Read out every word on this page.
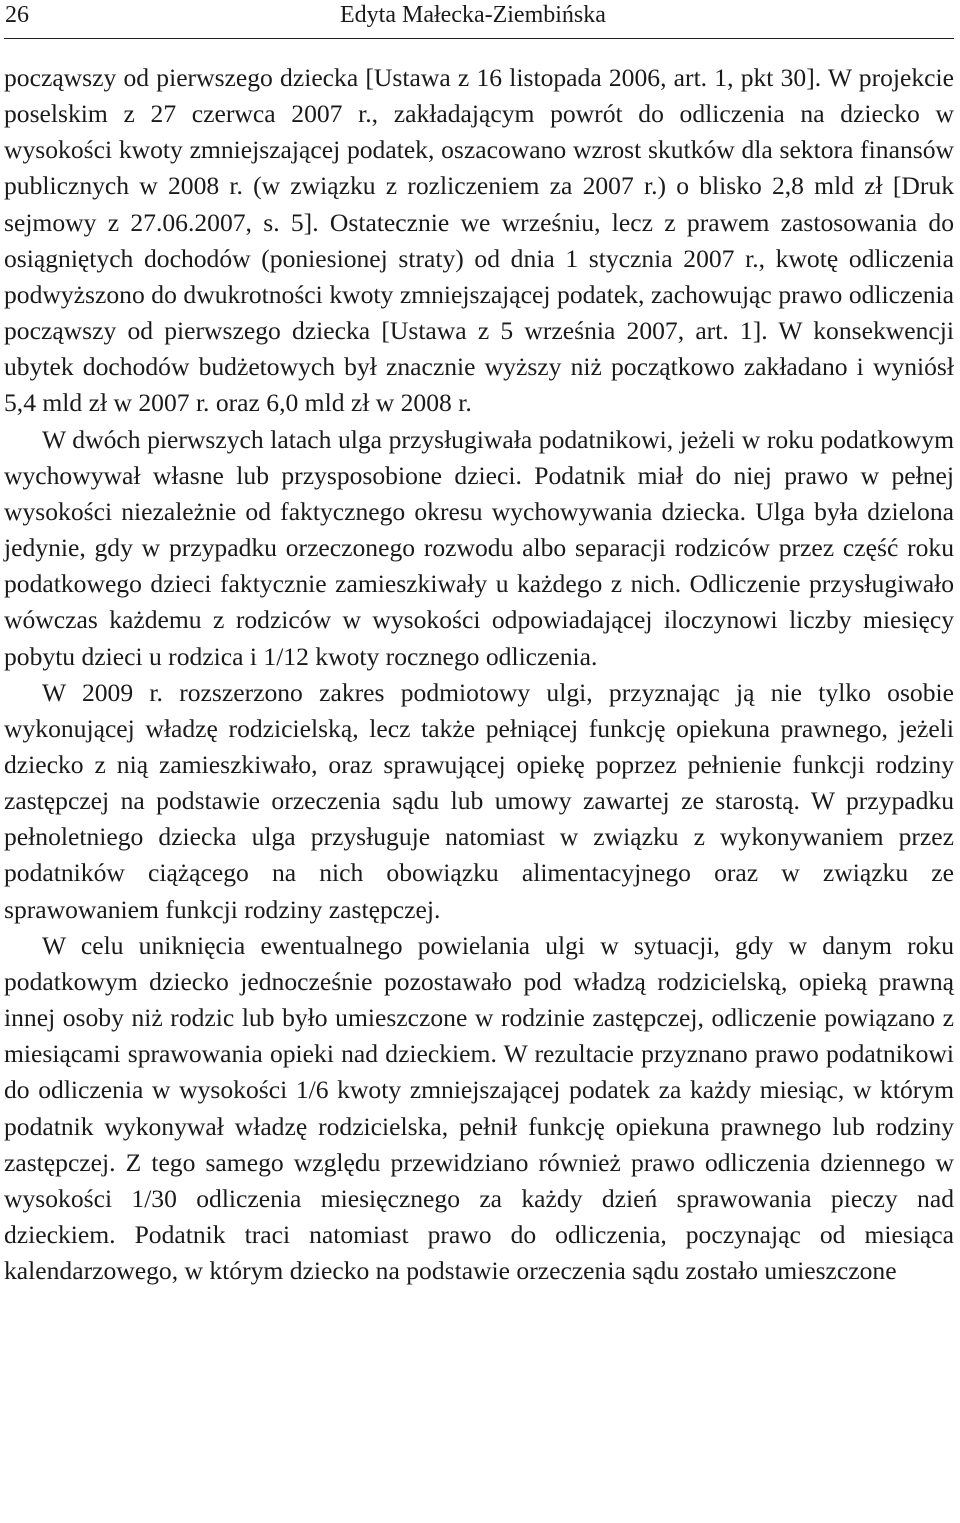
26	Edyta Małecka-Ziembińska

począwszy od pierwszego dziecka [Ustawa z 16 listopada 2006, art. 1, pkt 30]. W projekcie poselskim z 27 czerwca 2007 r., zakładającym powrót do odliczenia na dziecko w wysokości kwoty zmniejszającej podatek, oszacowano wzrost skutków dla sektora finansów publicznych w 2008 r. (w związku z rozliczeniem za 2007 r.) o blisko 2,8 mld zł [Druk sejmowy z 27.06.2007, s. 5]. Ostatecznie we wrześniu, lecz z prawem zastosowania do osiągniętych dochodów (poniesionej straty) od dnia 1 stycznia 2007 r., kwotę odliczenia podwyższono do dwukrotności kwoty zmniejszającej podatek, zachowując prawo odliczenia począwszy od pierwszego dziecka [Ustawa z 5 września 2007, art. 1]. W konsekwencji ubytek dochodów budżetowych był znacznie wyższy niż początkowo zakładano i wyniósł 5,4 mld zł w 2007 r. oraz 6,0 mld zł w 2008 r.

W dwóch pierwszych latach ulga przysługiwała podatnikowi, jeżeli w roku podatkowym wychowywał własne lub przysposobione dzieci. Podatnik miał do niej prawo w pełnej wysokości niezależnie od faktycznego okresu wychowywania dziecka. Ulga była dzielona jedynie, gdy w przypadku orzeczonego rozwodu albo separacji rodziców przez część roku podatkowego dzieci faktycznie zamieszkiwały u każdego z nich. Odliczenie przysługiwało wówczas każdemu z rodziców w wysokości odpowiadającej iloczynowi liczby miesięcy pobytu dzieci u rodzica i 1/12 kwoty rocznego odliczenia.

W 2009 r. rozszerzono zakres podmiotowy ulgi, przyznając ją nie tylko osobie wykonującej władzę rodzicielską, lecz także pełniącej funkcję opiekuna prawnego, jeżeli dziecko z nią zamieszkiwało, oraz sprawującej opiekę poprzez pełnienie funkcji rodziny zastępczej na podstawie orzeczenia sądu lub umowy zawartej ze starostą. W przypadku pełnoletniego dziecka ulga przysługuje natomiast w związku z wykonywaniem przez podatników ciążącego na nich obowiązku alimentacyjnego oraz w związku ze sprawowaniem funkcji rodziny zastępczej.

W celu uniknięcia ewentualnego powielania ulgi w sytuacji, gdy w danym roku podatkowym dziecko jednocześnie pozostawało pod władzą rodzicielską, opieką prawną innej osoby niż rodzic lub było umieszczone w rodzinie zastępczej, odliczenie powiązano z miesiącami sprawowania opieki nad dzieckiem. W rezultacie przyznano prawo podatnikowi do odliczenia w wysokości 1/6 kwoty zmniejszającej podatek za każdy miesiąc, w którym podatnik wykonywał władzę rodzicielska, pełnił funkcję opiekuna prawnego lub rodziny zastępczej. Z tego samego względu przewidziano również prawo odliczenia dziennego w wysokości 1/30 odliczenia miesięcznego za każdy dzień sprawowania pieczy nad dzieckiem. Podatnik traci natomiast prawo do odliczenia, poczynając od miesiąca kalendarzowego, w którym dziecko na podstawie orzeczenia sądu zostało umieszczone
